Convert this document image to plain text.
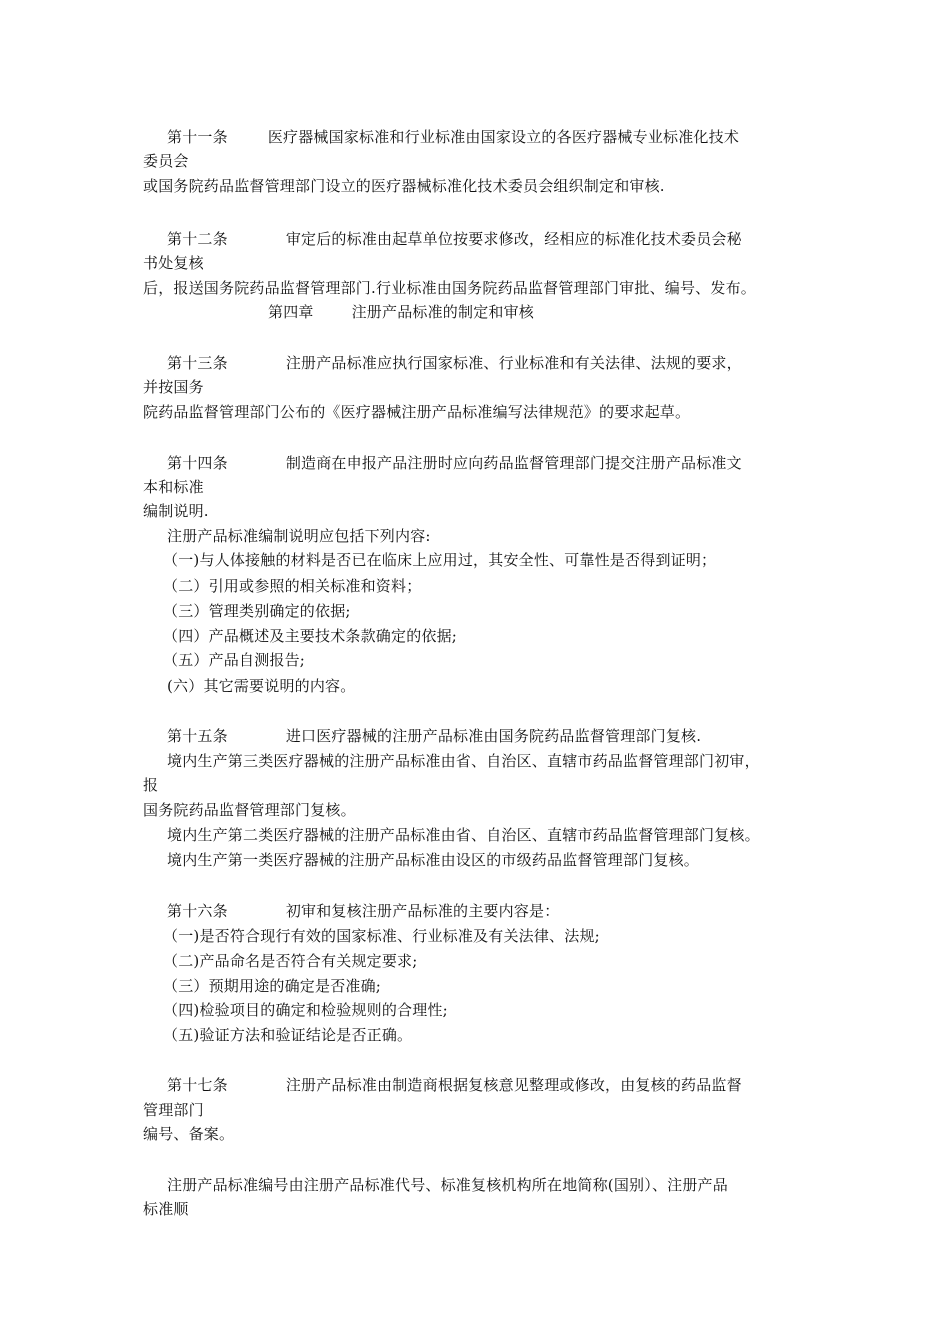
第十一条	医疗器械国家标准和行业标准由国家设立的各医疗器械专业标准化技术
委员会
或国务院药品监督管理部门设立的医疗器械标准化技术委员会组织制定和审核.
第十二条	审定后的标准由起草单位按要求修改，经相应的标准化技术委员会秘
书处复核
后，报送国务院药品监督管理部门.行业标准由国务院药品监督管理部门审批、编号、发布。
第四章	注册产品标准的制定和审核
第十三条	注册产品标准应执行国家标准、行业标准和有关法律、法规的要求，
并按国务
院药品监督管理部门公布的《医疗器械注册产品标准编写法律规范》的要求起草。
第十四条	制造商在申报产品注册时应向药品监督管理部门提交注册产品标准文
本和标准
编制说明.
注册产品标准编制说明应包括下列内容:
（一)与人体接触的材料是否已在临床上应用过，其安全性、可靠性是否得到证明；
（二）引用或参照的相关标准和资料；
（三）管理类别确定的依据;
（四）产品概述及主要技术条款确定的依据;
（五）产品自测报告;
(六）其它需要说明的内容。
第十五条	进口医疗器械的注册产品标准由国务院药品监督管理部门复核.
境内生产第三类医疗器械的注册产品标准由省、自治区、直辖市药品监督管理部门初审，
报
国务院药品监督管理部门复核。
境内生产第二类医疗器械的注册产品标准由省、自治区、直辖市药品监督管理部门复核。
境内生产第一类医疗器械的注册产品标准由设区的市级药品监督管理部门复核。
第十六条	初审和复核注册产品标准的主要内容是：
（一)是否符合现行有效的国家标准、行业标准及有关法律、法规;
（二)产品命名是否符合有关规定要求;
（三）预期用途的确定是否准确;
（四)检验项目的确定和检验规则的合理性;
（五)验证方法和验证结论是否正确。
第十七条	注册产品标准由制造商根据复核意见整理或修改，由复核的药品监督
管理部门
编号、备案。
注册产品标准编号由注册产品标准代号、标准复核机构所在地简称(国别）、注册产品
标准顺
